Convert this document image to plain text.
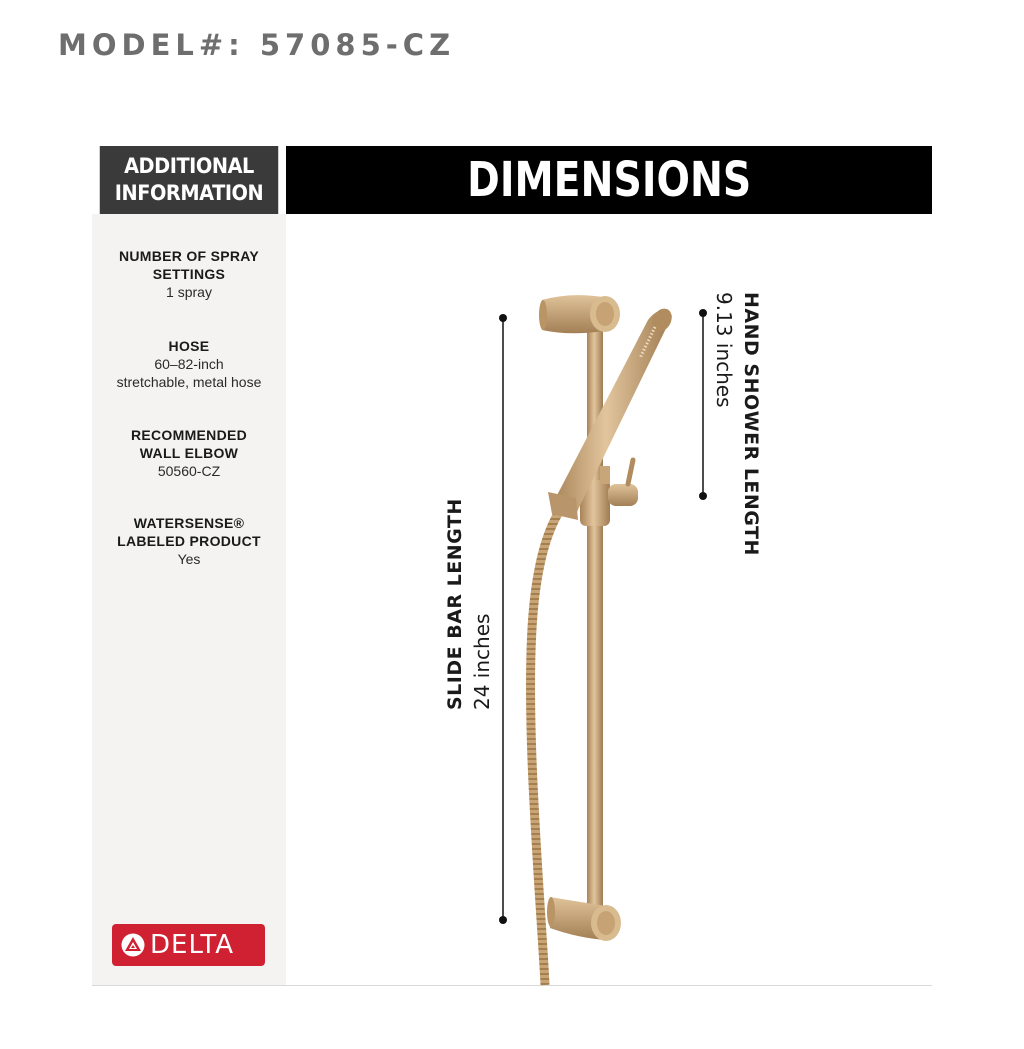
MODEL#: 57085-CZ
ADDITIONAL
INFORMATION	DIMENSIONS
NUMBER OF SPRAY
SETTINGS
1 spray
HOSE
60–82-inch
stretchable, metal hose
RECOMMENDED
WALL ELBOW
50560-CZ
WATERSENSE®
LABELED PRODUCT
Yes
DELTA
SLIDE BAR LENGTH 24 inches
HAND SHOWER LENGTH
9.13 inches
